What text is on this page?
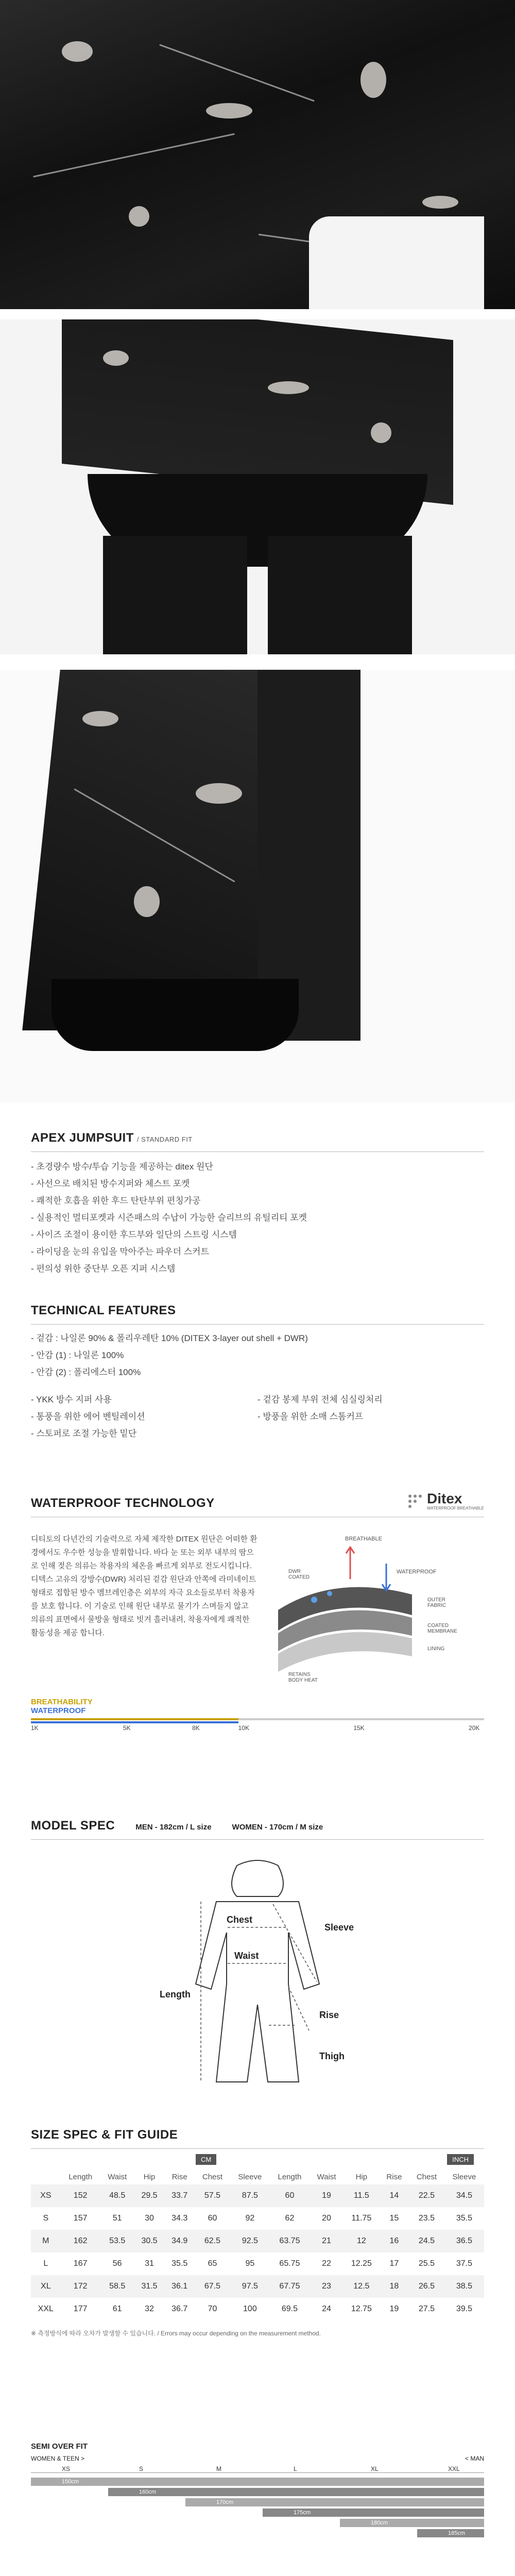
APEX JUMPSUIT / STANDARD FIT
- 초경량수 방수/투습 기능을 제공하는 ditex 원단
- 사선으로 배치된 방수지퍼와 체스트 포켓
- 쾌적한 호흡을 위한 후드 탄탄부위 편칭가공
- 실용적인 멀티포켓과 시즌패스의 수납이 가능한 슬리브의 유틸리티 포켓
- 사이즈 조절이 용이한 후드부와 일단의 스트링 시스템
- 라이딩을 눈의 유입을 막아주는 파우더 스커트
- 편의성 위한 중단부 오픈 지퍼 시스템
TECHNICAL FEATURES
- 겉감 : 나일론 90% & 폴리우레탄 10% (DITEX 3-layer out shell + DWR)
- 안감 (1) : 나일론 100%
- 안감 (2) : 폴리에스터 100%
- YKK 방수 지퍼 사용
- 통풍을 위한 에어 벤틸레이션
- 스토퍼로 조절 가능한 밑단
- 겉감 봉제 부위 전체 심실링처리
- 방풍을 위한 소매 스톰커프
WATERPROOF TECHNOLOGY	Ditex
WATERPROOF BREATHABLE

디티토의 다년간의 기술력으로 자체 제작한 DITEX 원단은 어떠한 환경에서도 우수한 성능을 발휘합니다. 바다 눈 또는 외부 내부의 땀으로 인해 젖은 의류는 착용자의 체온을 빠르게 외부로 전도시킵니다. 디텍스 고유의 강방수(DWR) 처리된 겉감 원단과 안쪽에 라미네이트 형태로 접합된 방수 멤브레인층은 외부의 자극 요소들로부터 착용자를 보호 합니다. 이 기술로 인해 원단 내부로 물기가 스며들지 않고 의류의 표면에서 물방울 형태로 빗겨 흘러내려, 착용자에게 쾌적한 활동성을 제공 합니다.

BREATHABLE
DWR COATED
WATERPROOF
OUTER FABRIC
COATED MEMBRANE
LINING
RETAINS BODY HEAT
BREATHABILITY
WATERPROOF
1K	5K	8K	10K	15K	20K
MODEL SPEC	MEN - 182cm / L size	WOMEN - 170cm / M size
Chest
Waist
Sleeve
Length
Rise
Thigh
SIZE SPEC & FIT GUIDE
CM	INCH
	Length	Waist	Hip	Rise	Chest	Sleeve	Length	Waist	Hip	Rise	Chest	Sleeve
XS	152	48.5	29.5	33.7	57.5	87.5	60	19	11.5	14	22.5	34.5
S	157	51	30	34.3	60	92	62	20	11.75	15	23.5	35.5
M	162	53.5	30.5	34.9	62.5	92.5	63.75	21	12	16	24.5	36.5
L	167	56	31	35.5	65	95	65.75	22	12.25	17	25.5	37.5
XL	172	58.5	31.5	36.1	67.5	97.5	67.75	23	12.5	18	26.5	38.5
XXL	177	61	32	36.7	70	100	69.5	24	12.75	19	27.5	39.5
※ 측정방식에 따라 오차가 발생할 수 있습니다. / Errors may occur depending on the measurement method.
SEMI OVER FIT
WOMEN & TEEN >	< MAN
XS
150cm
S
160cm
M
170cm
L
175cm
XL
180cm
XXL
185cm
